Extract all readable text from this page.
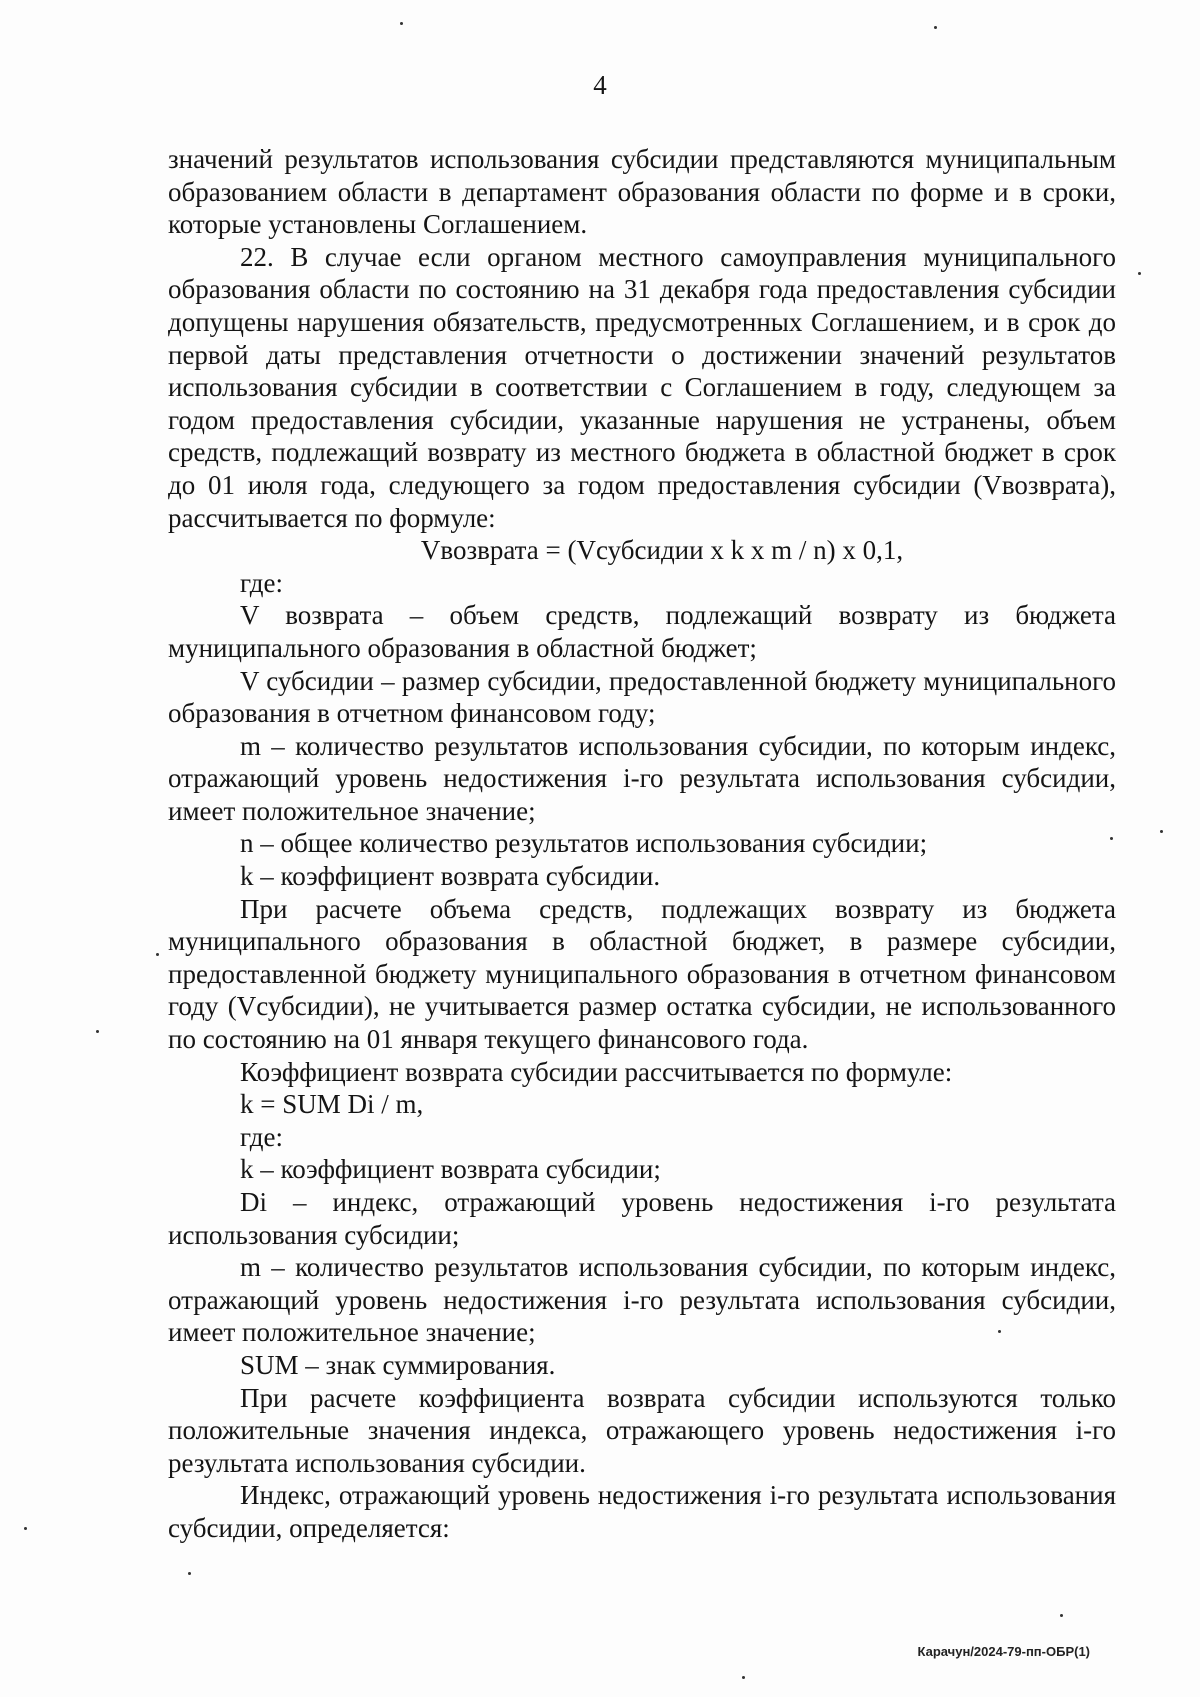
4

значений результатов использования субсидии представляются муниципальным образованием области в департамент образования области по форме и в сроки, которые установлены Соглашением.

22. В случае если органом местного самоуправления муниципального образования области по состоянию на 31 декабря года предоставления субсидии допущены нарушения обязательств, предусмотренных Соглашением, и в срок до первой даты представления отчетности о достижении значений результатов использования субсидии в соответствии с Соглашением в году, следующем за годом предоставления субсидии, указанные нарушения не устранены, объем средств, подлежащий возврату из местного бюджета в областной бюджет в срок до 01 июля года, следующего за годом предоставления субсидии (Vвозврата), рассчитывается по формуле:

Vвозврата = (Vсубсидии x k x m / n) x 0,1,

где:

V возврата – объем средств, подлежащий возврату из бюджета муниципального образования в областной бюджет;

V субсидии – размер субсидии, предоставленной бюджету муниципального образования в отчетном финансовом году;

m – количество результатов использования субсидии, по которым индекс, отражающий уровень недостижения i-го результата использования субсидии, имеет положительное значение;

n – общее количество результатов использования субсидии;

k – коэффициент возврата субсидии.

При расчете объема средств, подлежащих возврату из бюджета муниципального образования в областной бюджет, в размере субсидии, предоставленной бюджету муниципального образования в отчетном финансовом году (Vсубсидии), не учитывается размер остатка субсидии, не использованного по состоянию на 01 января текущего финансового года.

Коэффициент возврата субсидии рассчитывается по формуле:

k = SUM Di / m,

где:

k – коэффициент возврата субсидии;

Di – индекс, отражающий уровень недостижения i-го результата использования субсидии;

m – количество результатов использования субсидии, по которым индекс, отражающий уровень недостижения i-го результата использования субсидии, имеет положительное значение;

SUM – знак суммирования.

При расчете коэффициента возврата субсидии используются только положительные значения индекса, отражающего уровень недостижения i-го результата использования субсидии.

Индекс, отражающий уровень недостижения i-го результата использования субсидии, определяется:

Карачун/2024-79-пп-ОБР(1)
